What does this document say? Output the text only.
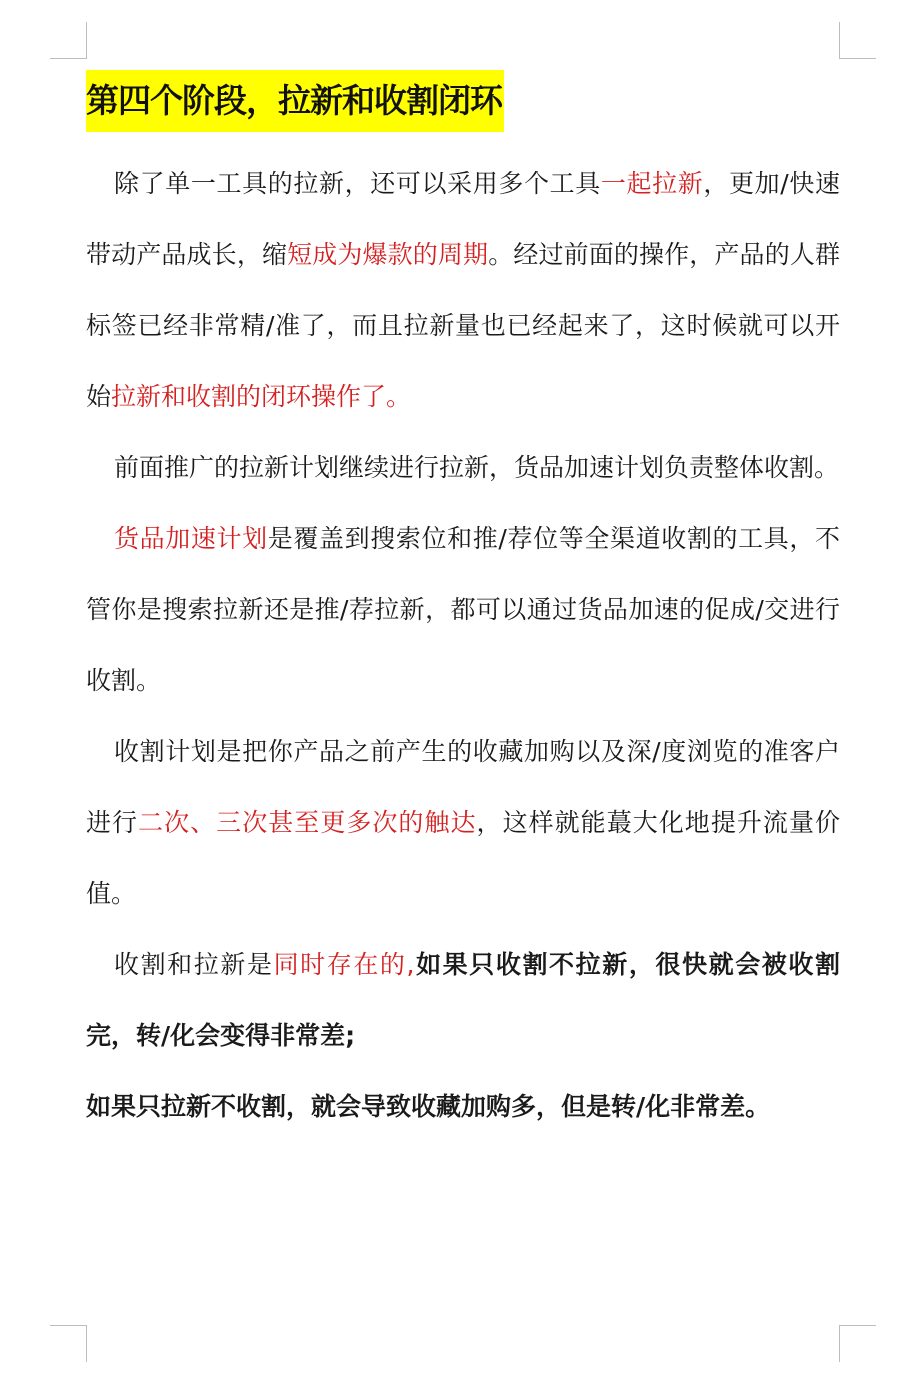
第四个阶段，拉新和收割闭环

除了单一工具的拉新，还可以采用多个工具一起拉新，更加/快速带动产品成长，缩短成为爆款的周期。经过前面的操作，产品的人群标签已经非常精/准了，而且拉新量也已经起来了，这时候就可以开始拉新和收割的闭环操作了。

前面推广的拉新计划继续进行拉新，货品加速计划负责整体收割。

货品加速计划是覆盖到搜索位和推/荐位等全渠道收割的工具，不管你是搜索拉新还是推/荐拉新，都可以通过货品加速的促成/交进行收割。

收割计划是把你产品之前产生的收藏加购以及深/度浏览的准客户进行二次、三次甚至更多次的触达，这样就能蕞大化地提升流量价值。

收割和拉新是同时存在的,如果只收割不拉新，很快就会被收割完，转/化会变得非常差;

如果只拉新不收割，就会导致收藏加购多，但是转/化非常差。
